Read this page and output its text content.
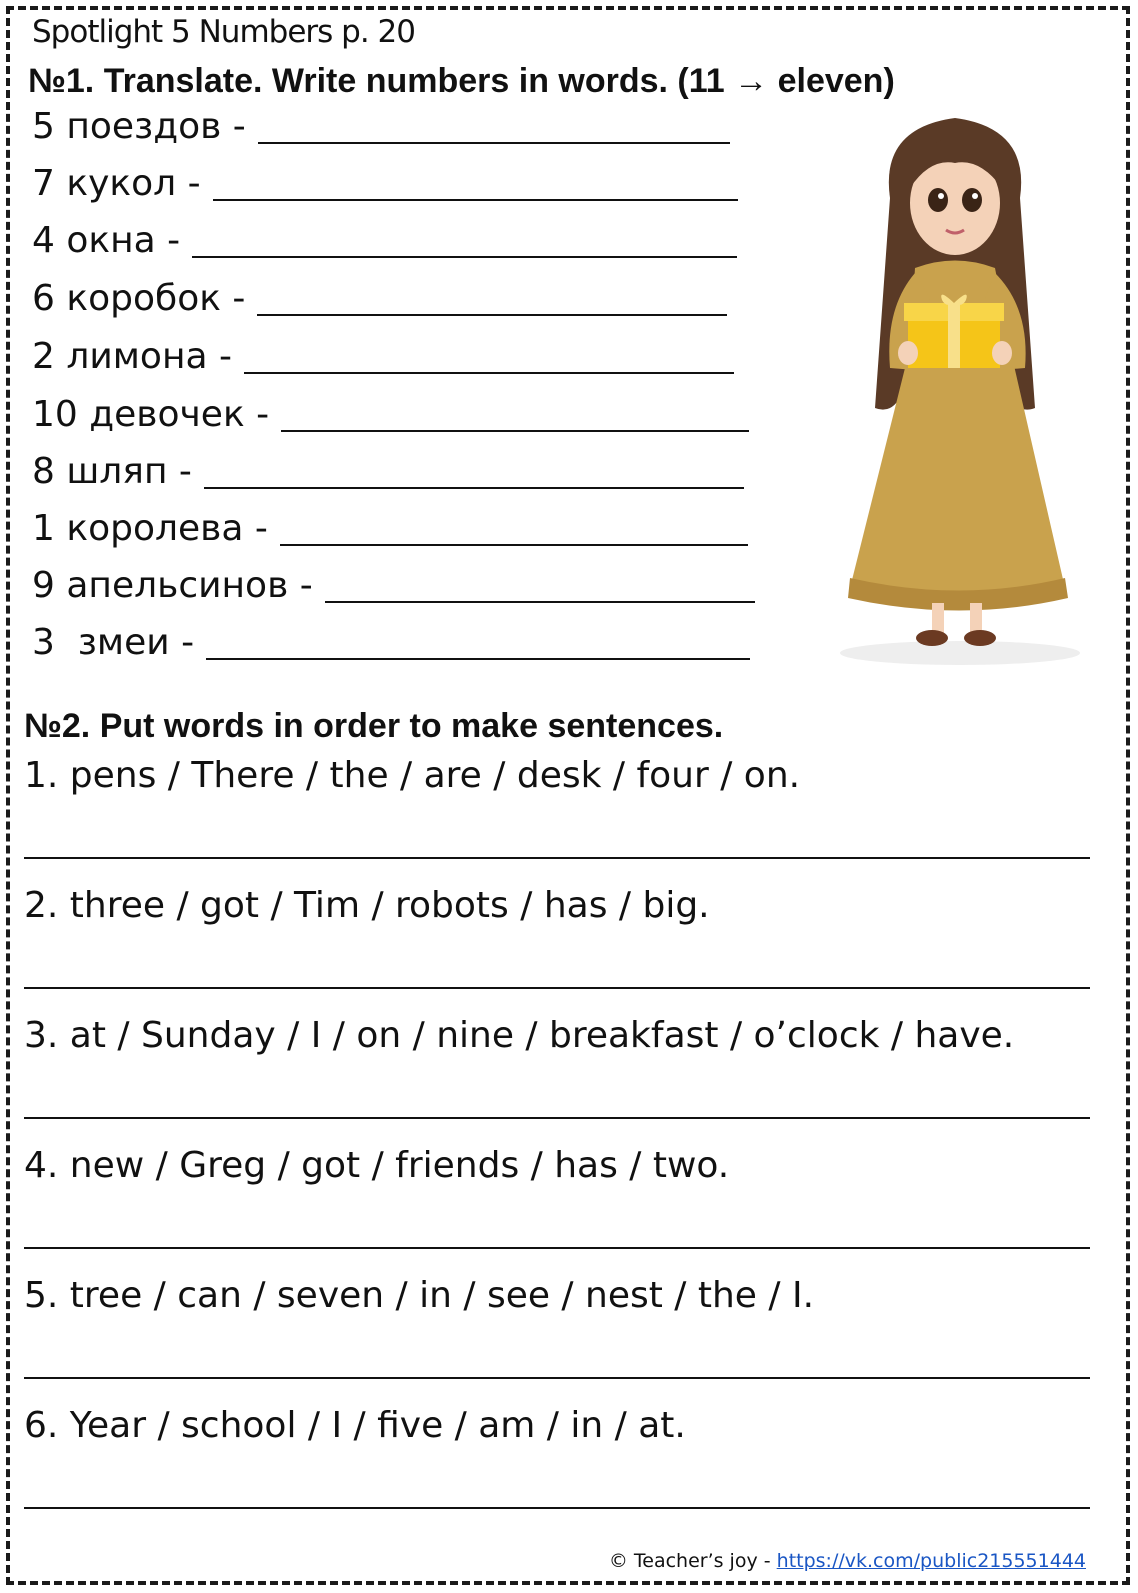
Spotlight 5 Numbers p. 20
№1. Translate. Write numbers in words. (11 → eleven)
5 поездов -
7 кукол -
4 окна -
6 коробок -
2 лимона -
10 девочек -
8 шляп -
1 королева -
9 апельсинов -
3  змеи -
№2. Put words in order to make sentences.
1. pens / There / the / are / desk / four / on.
2. three / got / Tim / robots / has / big.
3. at / Sunday / I / on / nine / breakfast / o’clock / have.
4. new / Greg / got / friends / has / two.
5. tree / can / seven / in / see / nest / the / I.
6. Year / school / I / five / am / in / at.
© Teacher’s joy - https://vk.com/public215551444
